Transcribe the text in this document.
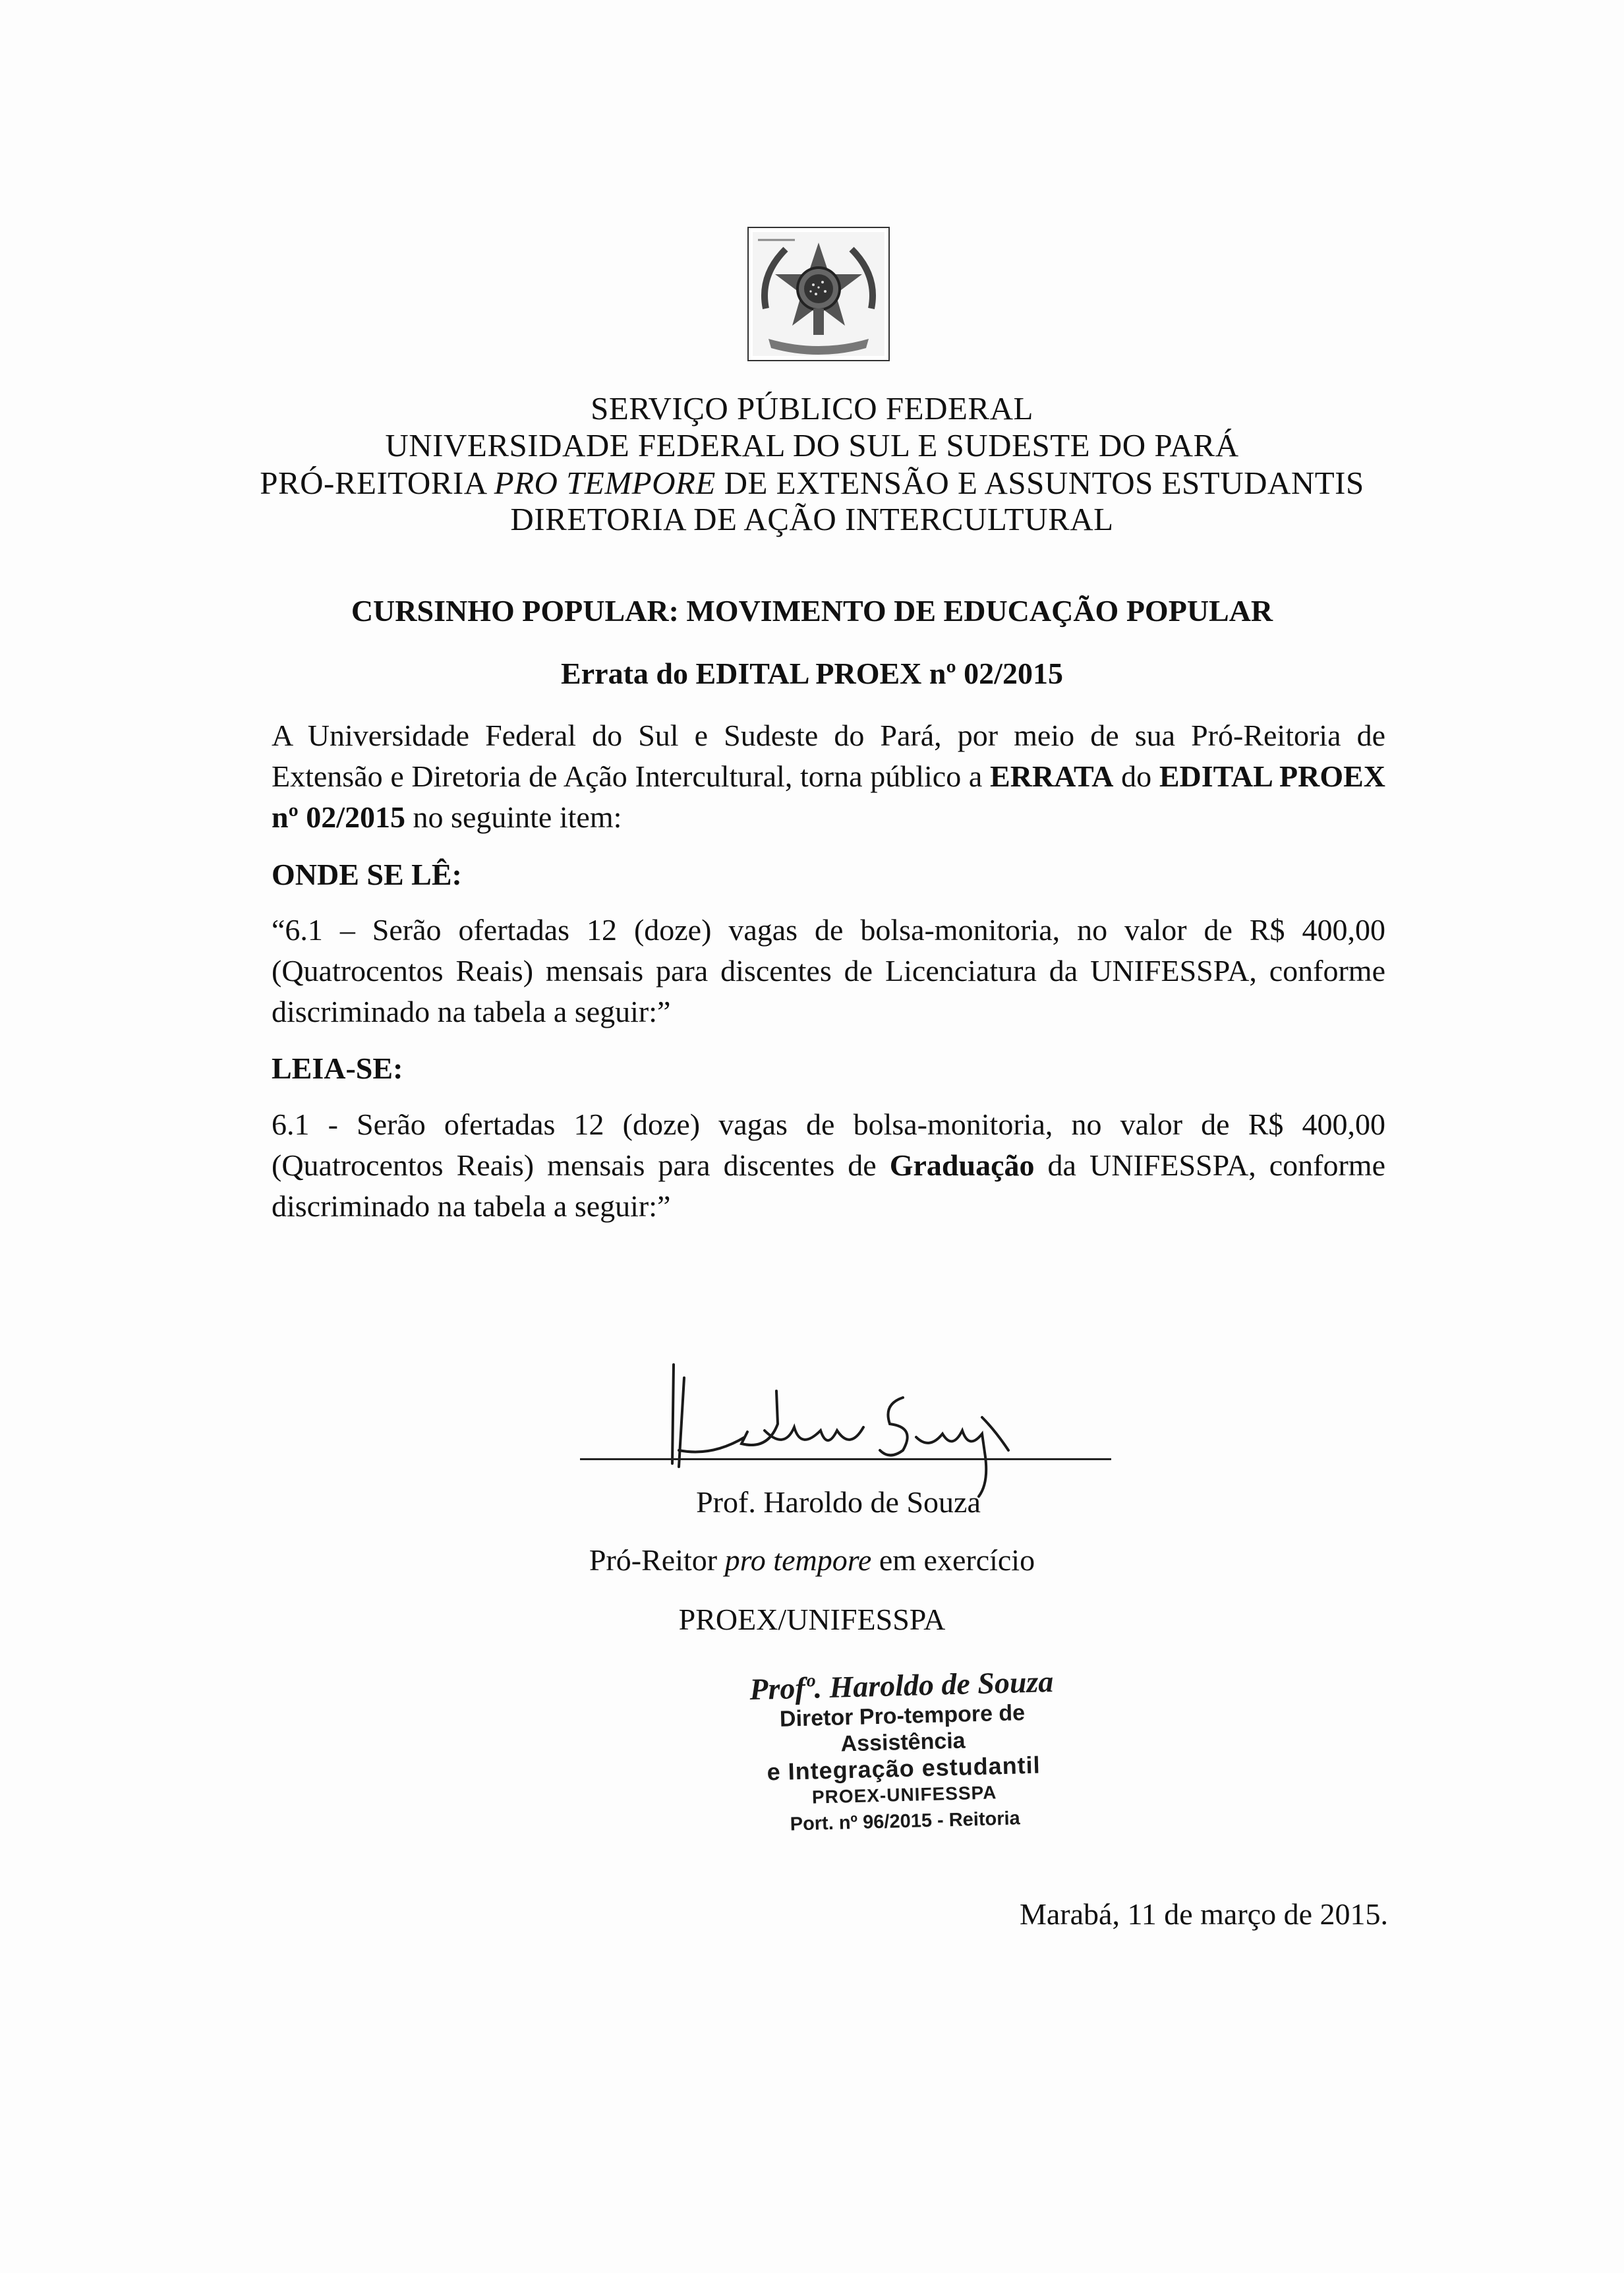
SERVIÇO PÚBLICO FEDERAL
UNIVERSIDADE FEDERAL DO SUL E SUDESTE DO PARÁ
PRÓ-REITORIA PRO TEMPORE DE EXTENSÃO E ASSUNTOS ESTUDANTIS
DIRETORIA DE AÇÃO INTERCULTURAL
CURSINHO POPULAR: MOVIMENTO DE EDUCAÇÃO POPULAR
Errata do EDITAL PROEX nº 02/2015
A Universidade Federal do Sul e Sudeste do Pará, por meio de sua Pró-Reitoria de Extensão e Diretoria de Ação Intercultural, torna público a ERRATA do EDITAL PROEX nº 02/2015 no seguinte item:
ONDE SE LÊ:
“6.1 – Serão ofertadas 12 (doze) vagas de bolsa-monitoria, no valor de R$ 400,00 (Quatrocentos Reais) mensais para discentes de Licenciatura da UNIFESSPA, conforme discriminado na tabela a seguir:”
LEIA-SE:
6.1 - Serão ofertadas 12 (doze) vagas de bolsa-monitoria, no valor de R$ 400,00 (Quatrocentos Reais) mensais para discentes de Graduação da UNIFESSPA, conforme discriminado na tabela a seguir:”
Prof. Haroldo de Souza
Pró-Reitor pro tempore em exercício
PROEX/UNIFESSPA
Profº. Haroldo de Souza
Diretor Pro-tempore de Assistência
e Integração estudantil
PROEX-UNIFESSPA
Port. nº 96/2015 - Reitoria
Marabá, 11 de março de 2015.
